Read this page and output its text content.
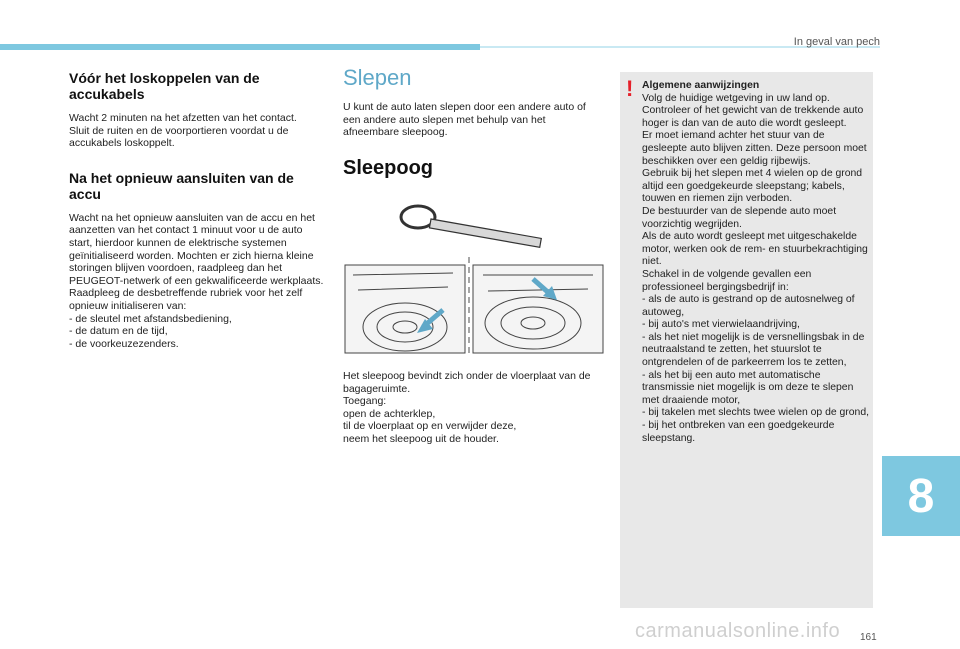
In geval van pech
Vóór het loskoppelen van de accukabels

Wacht 2 minuten na het afzetten van het contact.
Sluit de ruiten en de voorportieren voordat u de accukabels loskoppelt.

Na het opnieuw aansluiten van de accu

Wacht na het opnieuw aansluiten van de accu en het aanzetten van het contact 1 minuut voor u de auto start, hierdoor kunnen de elektrische systemen geïnitialiseerd worden. Mochten er zich hierna kleine storingen blijven voordoen, raadpleeg dan het PEUGEOT-netwerk of een gekwalificeerde werkplaats.
Raadpleeg de desbetreffende rubriek voor het zelf opnieuw initialiseren van:
- de sleutel met afstandsbediening,
- de datum en de tijd,
- de voorkeuzezenders.

Slepen

U kunt de auto laten slepen door een andere auto of een andere auto slepen met behulp van het afneembare sleepoog.

Sleepoog

Het sleepoog bevindt zich onder de vloerplaat van de bagageruimte.
Toegang:
open de achterklep,
til de vloerplaat op en verwijder deze,
neem het sleepoog uit de houder.

! Algemene aanwijzingen
Volg de huidige wetgeving in uw land op.
Controleer of het gewicht van de trekkende auto hoger is dan van de auto die wordt gesleept.
Er moet iemand achter het stuur van de gesleepte auto blijven zitten. Deze persoon moet beschikken over een geldig rijbewijs.
Gebruik bij het slepen met 4 wielen op de grond altijd een goedgekeurde sleepstang; kabels, touwen en riemen zijn verboden.
De bestuurder van de slepende auto moet voorzichtig wegrijden.
Als de auto wordt gesleept met uitgeschakelde motor, werken ook de rem- en stuurbekrachtiging niet.
Schakel in de volgende gevallen een professioneel bergingsbedrijf in:
- als de auto is gestrand op de autosnelweg of autoweg,
- bij auto's met vierwielaandrijving,
- als het niet mogelijk is de versnellingsbak in de neutraalstand te zetten, het stuurslot te ontgrendelen of de parkeerrem los te zetten,
- als het bij een auto met automatische transmissie niet mogelijk is om deze te slepen met draaiende motor,
- bij takelen met slechts twee wielen op de grond,
- bij het ontbreken van een goedgekeurde sleepstang.
8
161
carmanualsonline.info
